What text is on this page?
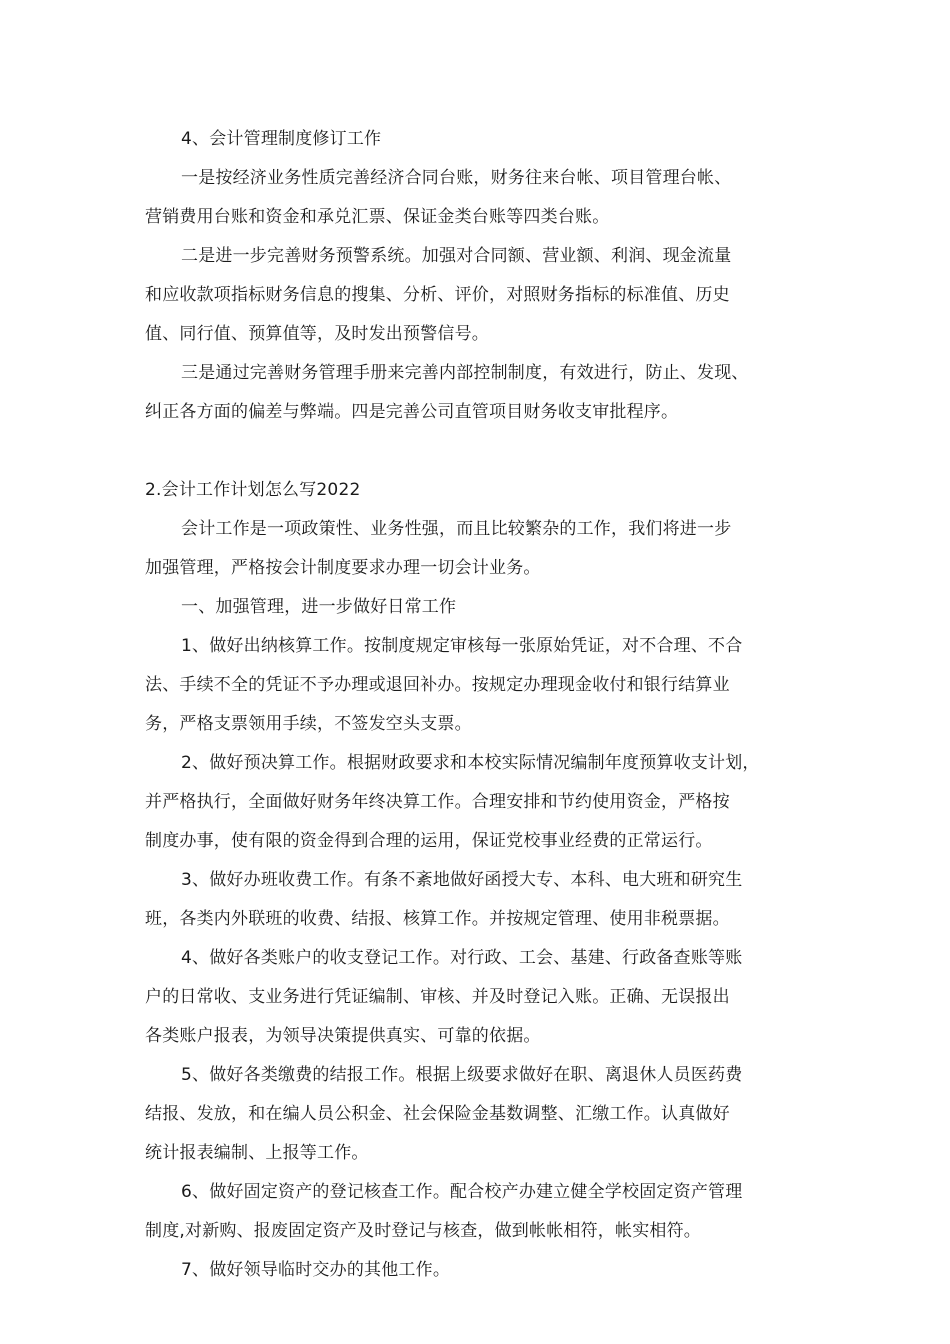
4、会计管理制度修订工作
一是按经济业务性质完善经济合同台账，财务往来台帐、项目管理台帐、
营销费用台账和资金和承兑汇票、保证金类台账等四类台账。
二是进一步完善财务预警系统。加强对合同额、营业额、利润、现金流量
和应收款项指标财务信息的搜集、分析、评价，对照财务指标的标准值、历史
值、同行值、预算值等，及时发出预警信号。
三是通过完善财务管理手册来完善内部控制制度，有效进行，防止、发现、
纠正各方面的偏差与弊端。四是完善公司直管项目财务收支审批程序。
2.会计工作计划怎么写2022
会计工作是一项政策性、业务性强，而且比较繁杂的工作，我们将进一步
加强管理，严格按会计制度要求办理一切会计业务。
一、加强管理，进一步做好日常工作
1、做好出纳核算工作。按制度规定审核每一张原始凭证，对不合理、不合
法、手续不全的凭证不予办理或退回补办。按规定办理现金收付和银行结算业
务，严格支票领用手续，不签发空头支票。
2、做好预决算工作。根据财政要求和本校实际情况编制年度预算收支计划，
并严格执行，全面做好财务年终决算工作。合理安排和节约使用资金，严格按
制度办事，使有限的资金得到合理的运用，保证党校事业经费的正常运行。
3、做好办班收费工作。有条不紊地做好函授大专、本科、电大班和研究生
班，各类内外联班的收费、结报、核算工作。并按规定管理、使用非税票据。
4、做好各类账户的收支登记工作。对行政、工会、基建、行政备查账等账
户的日常收、支业务进行凭证编制、审核、并及时登记入账。正确、无误报出
各类账户报表，为领导决策提供真实、可靠的依据。
5、做好各类缴费的结报工作。根据上级要求做好在职、离退休人员医药费
结报、发放，和在编人员公积金、社会保险金基数调整、汇缴工作。认真做好
统计报表编制、上报等工作。
6、做好固定资产的登记核查工作。配合校产办建立健全学校固定资产管理
制度,对新购、报废固定资产及时登记与核查，做到帐帐相符，帐实相符。
7、做好领导临时交办的其他工作。
